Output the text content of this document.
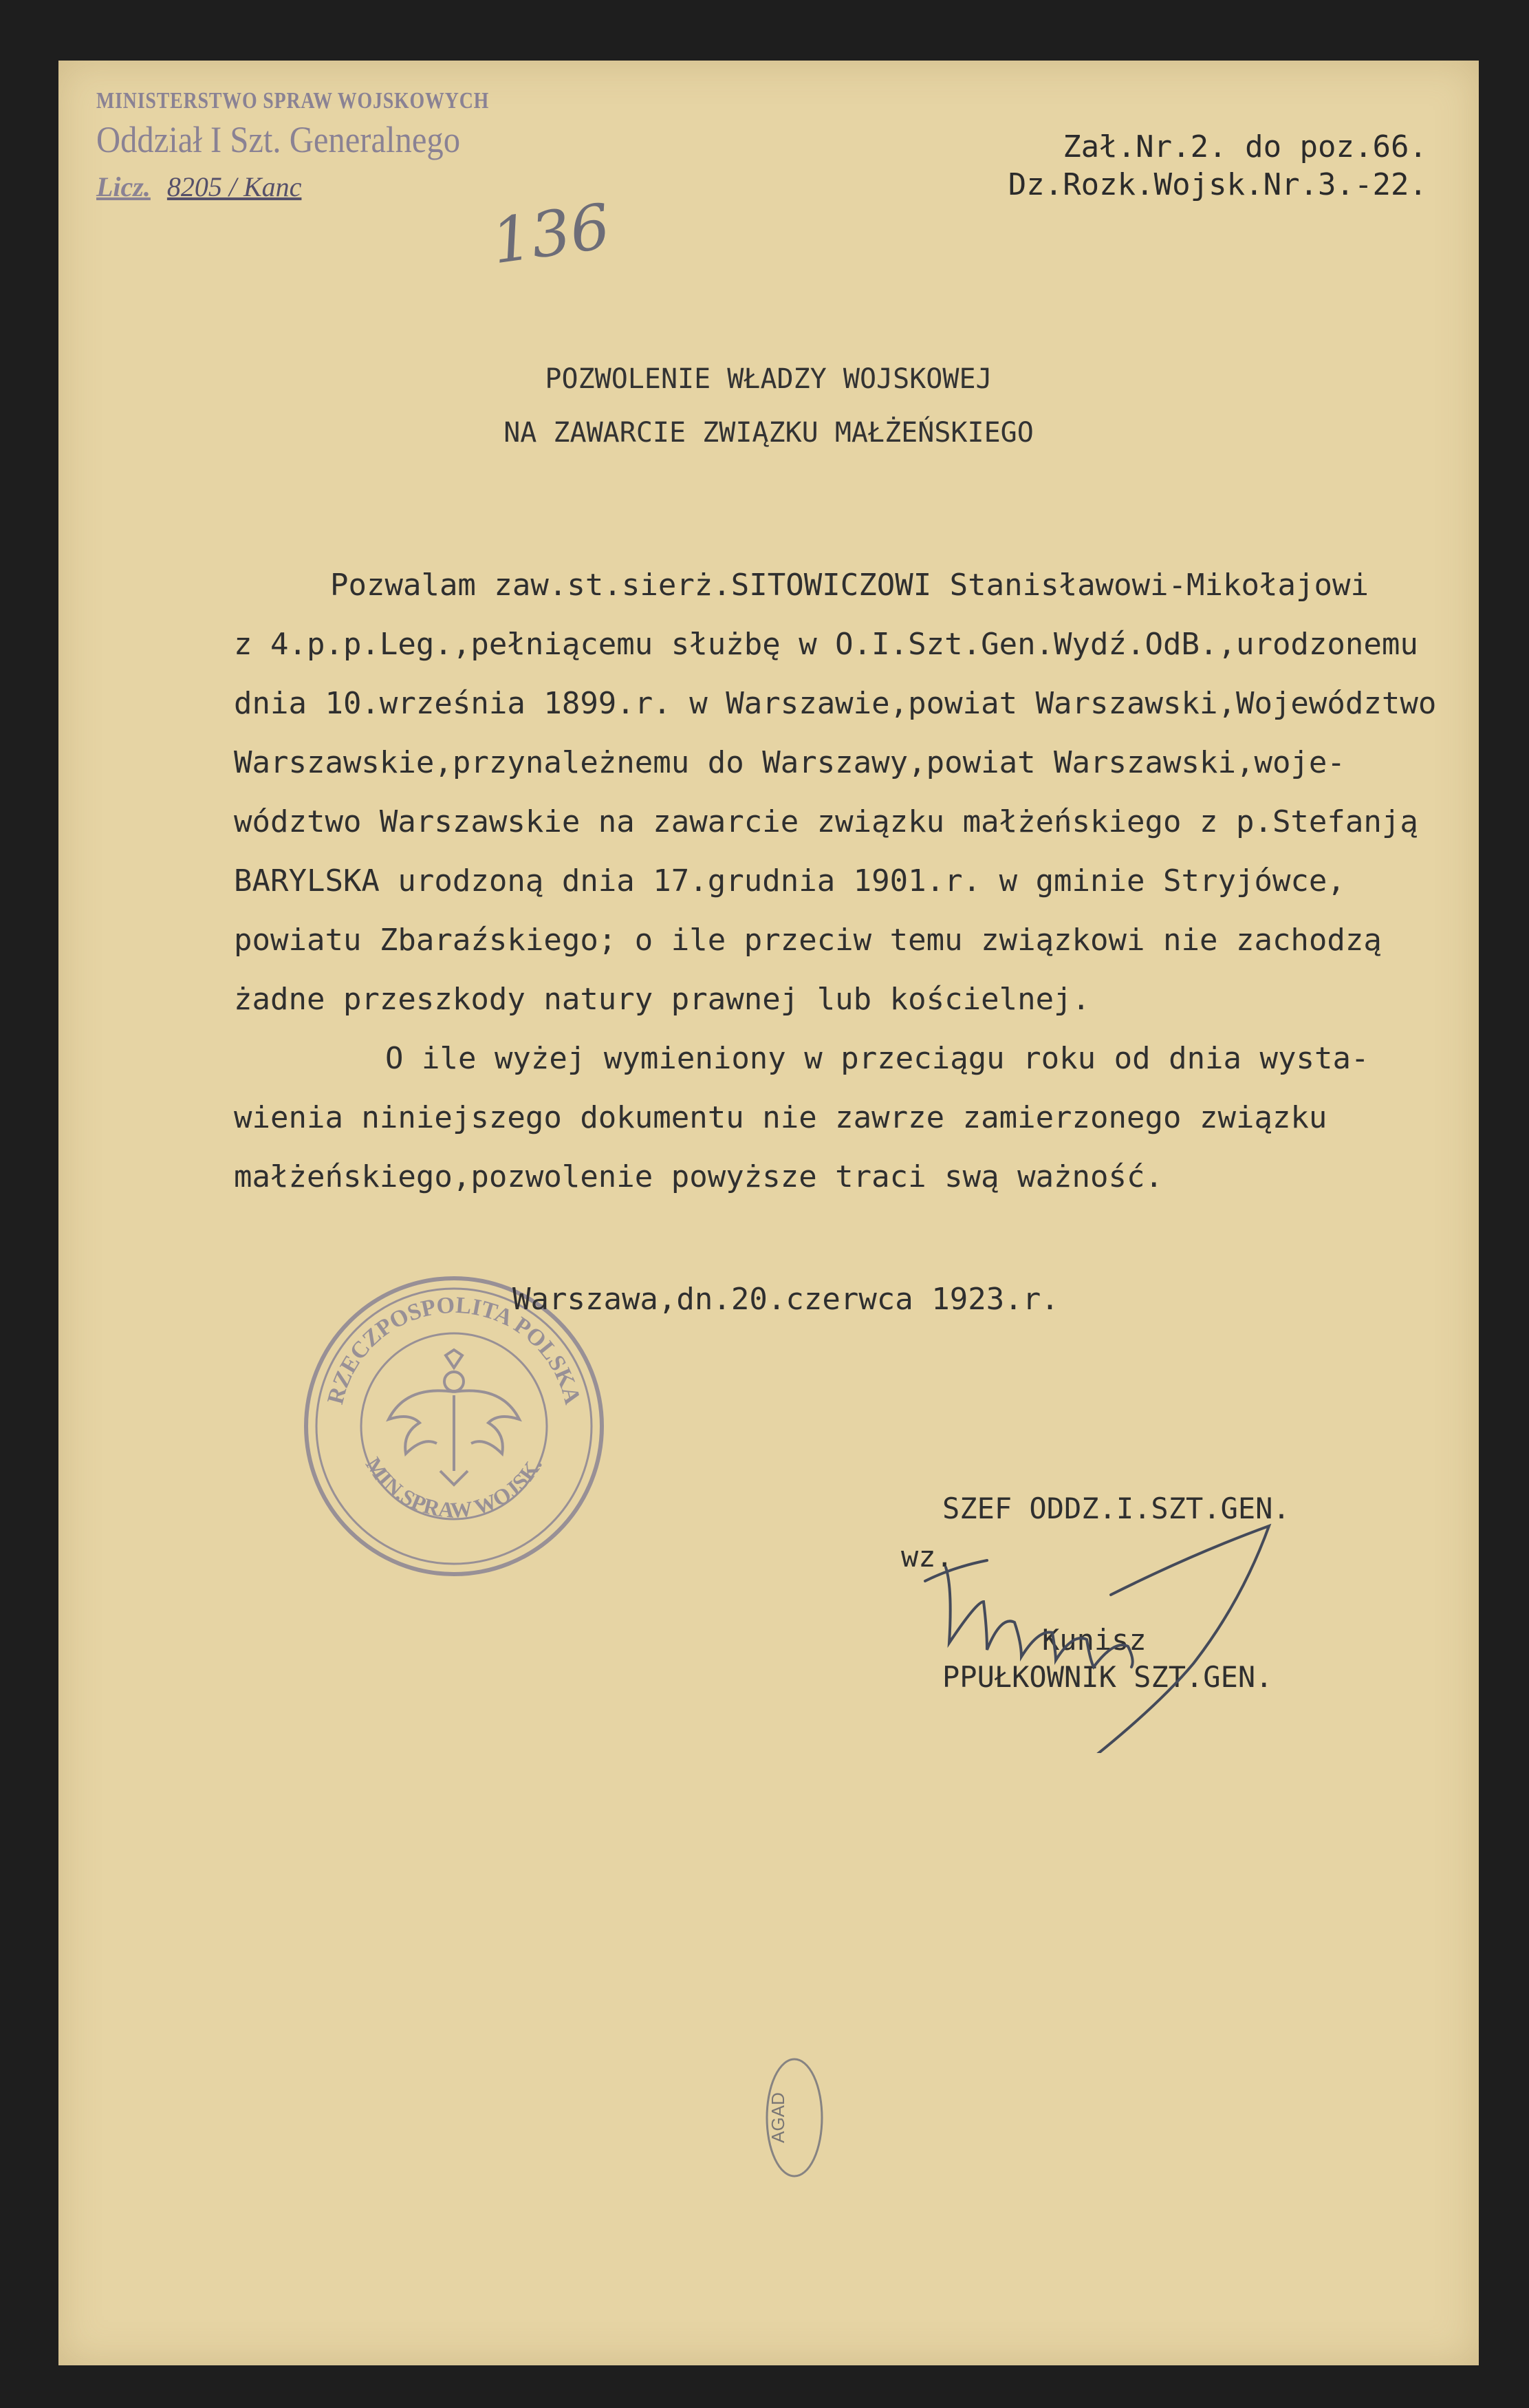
MINISTERSTWO SPRAW WOJSKOWYCH
Oddział I Szt. Generalnego
Licz. 8205 / Kanc
136
Zał.Nr.2. do poz.66.
Dz.Rozk.Wojsk.Nr.3.-22.
POZWOLENIE WŁADZY WOJSKOWEJ
NA ZAWARCIE ZWIĄZKU MAŁŻEŃSKIEGO
Pozwalam zaw.st.sierż.SITOWICZOWI Stanisławowi-Mikołajowi
z 4.p.p.Leg.,pełniącemu służbę w O.I.Szt.Gen.Wydź.OdB.,urodzonemu
dnia 10.września 1899.r. w Warszawie,powiat Warszawski,Województwo
Warszawskie,przynależnemu do Warszawy,powiat Warszawski,woje-
wództwo Warszawskie na zawarcie związku małżeńskiego z p.Stefanją
BARYLSKA urodzoną dnia 17.grudnia 1901.r. w gminie Stryjówce,
powiatu Zbaraźskiego; o ile przeciw temu związkowi nie zachodzą
żadne przeszkody natury prawnej lub kościelnej.
O ile wyżej wymieniony w przeciągu roku od dnia wysta-
wienia niniejszego dokumentu nie zawrze zamierzonego związku
małżeńskiego,pozwolenie powyższe traci swą ważność.
RZECZPOSPOLITA POLSKA
MIN.SPRAW WOJSK.
Warszawa,dn.20.czerwca 1923.r.
SZEF ODDZ.I.SZT.GEN.
wz.
Kunisz
PPUŁKOWNIK SZT.GEN.
AGAD
